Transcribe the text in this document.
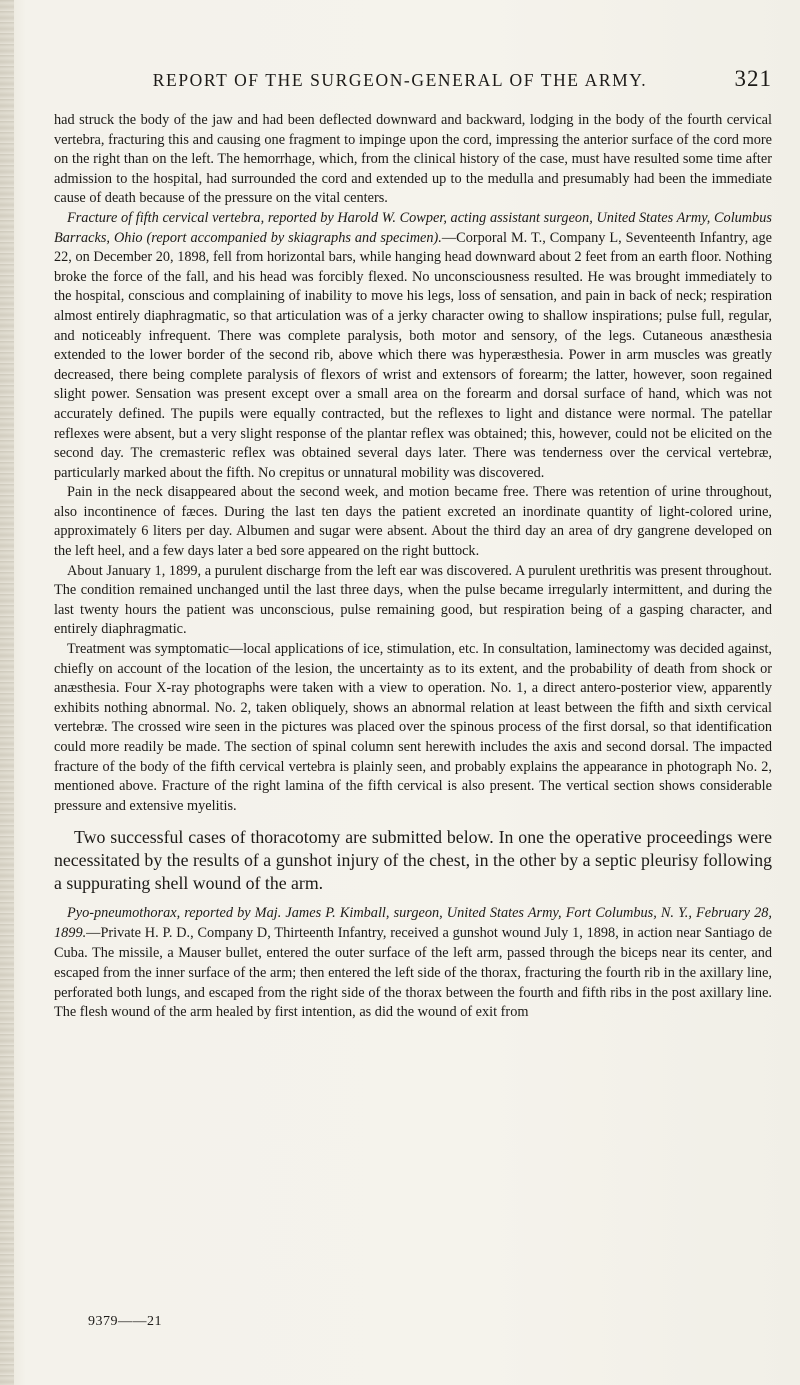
REPORT OF THE SURGEON-GENERAL OF THE ARMY.	321

had struck the body of the jaw and had been deflected downward and backward, lodging in the body of the fourth cervical vertebra, fracturing this and causing one fragment to impinge upon the cord, impressing the anterior surface of the cord more on the right than on the left. The hemorrhage, which, from the clinical history of the case, must have resulted some time after admission to the hospital, had surrounded the cord and extended up to the medulla and presumably had been the immediate cause of death because of the pressure on the vital centers.

Fracture of fifth cervical vertebra, reported by Harold W. Cowper, acting assistant surgeon, United States Army, Columbus Barracks, Ohio (report accompanied by skiagraphs and specimen).—Corporal M. T., Company L, Seventeenth Infantry, age 22, on December 20, 1898, fell from horizontal bars, while hanging head downward about 2 feet from an earth floor. Nothing broke the force of the fall, and his head was forcibly flexed. No unconsciousness resulted. He was brought immediately to the hospital, conscious and complaining of inability to move his legs, loss of sensation, and pain in back of neck; respiration almost entirely diaphragmatic, so that articulation was of a jerky character owing to shallow inspirations; pulse full, regular, and noticeably infrequent. There was complete paralysis, both motor and sensory, of the legs. Cutaneous anæsthesia extended to the lower border of the second rib, above which there was hyperæsthesia. Power in arm muscles was greatly decreased, there being complete paralysis of flexors of wrist and extensors of forearm; the latter, however, soon regained slight power. Sensation was present except over a small area on the forearm and dorsal surface of hand, which was not accurately defined. The pupils were equally contracted, but the reflexes to light and distance were normal. The patellar reflexes were absent, but a very slight response of the plantar reflex was obtained; this, however, could not be elicited on the second day. The cremasteric reflex was obtained several days later. There was tenderness over the cervical vertebræ, particularly marked about the fifth. No crepitus or unnatural mobility was discovered.

Pain in the neck disappeared about the second week, and motion became free. There was retention of urine throughout, also incontinence of fæces. During the last ten days the patient excreted an inordinate quantity of light-colored urine, approximately 6 liters per day. Albumen and sugar were absent. About the third day an area of dry gangrene developed on the left heel, and a few days later a bed sore appeared on the right buttock.

About January 1, 1899, a purulent discharge from the left ear was discovered. A purulent urethritis was present throughout. The condition remained unchanged until the last three days, when the pulse became irregularly intermittent, and during the last twenty hours the patient was unconscious, pulse remaining good, but respiration being of a gasping character, and entirely diaphragmatic.

Treatment was symptomatic—local applications of ice, stimulation, etc. In consultation, laminectomy was decided against, chiefly on account of the location of the lesion, the uncertainty as to its extent, and the probability of death from shock or anæsthesia. Four X-ray photographs were taken with a view to operation. No. 1, a direct antero-posterior view, apparently exhibits nothing abnormal. No. 2, taken obliquely, shows an abnormal relation at least between the fifth and sixth cervical vertebræ. The crossed wire seen in the pictures was placed over the spinous process of the first dorsal, so that identification could more readily be made. The section of spinal column sent herewith includes the axis and second dorsal. The impacted fracture of the body of the fifth cervical vertebra is plainly seen, and probably explains the appearance in photograph No. 2, mentioned above. Fracture of the right lamina of the fifth cervical is also present. The vertical section shows considerable pressure and extensive myelitis.

Two successful cases of thoracotomy are submitted below. In one the operative proceedings were necessitated by the results of a gunshot injury of the chest, in the other by a septic pleurisy following a suppurating shell wound of the arm.

Pyo-pneumothorax, reported by Maj. James P. Kimball, surgeon, United States Army, Fort Columbus, N. Y., February 28, 1899.—Private H. P. D., Company D, Thirteenth Infantry, received a gunshot wound July 1, 1898, in action near Santiago de Cuba. The missile, a Mauser bullet, entered the outer surface of the left arm, passed through the biceps near its center, and escaped from the inner surface of the arm; then entered the left side of the thorax, fracturing the fourth rib in the axillary line, perforated both lungs, and escaped from the right side of the thorax between the fourth and fifth ribs in the post axillary line. The flesh wound of the arm healed by first intention, as did the wound of exit from

9379——21
